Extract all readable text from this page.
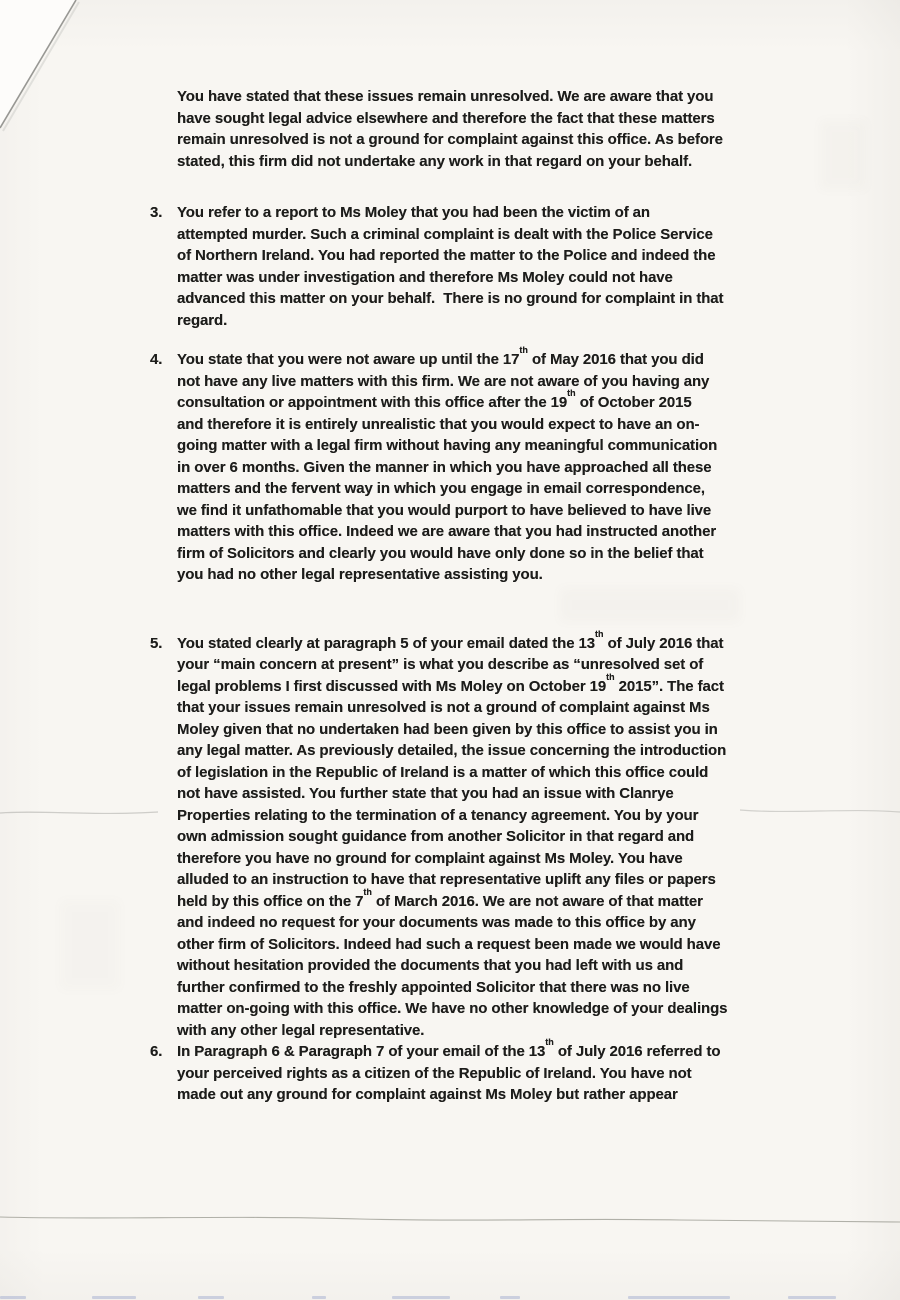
You have stated that these issues remain unresolved. We are aware that you
have sought legal advice elsewhere and therefore the fact that these matters
remain unresolved is not a ground for complaint against this office. As before
stated, this firm did not undertake any work in that regard on your behalf.
3. You refer to a report to Ms Moley that you had been the victim of an
attempted murder. Such a criminal complaint is dealt with the Police Service
of Northern Ireland. You had reported the matter to the Police and indeed the
matter was under investigation and therefore Ms Moley could not have
advanced this matter on your behalf.  There is no ground for complaint in that
regard.
4. You state that you were not aware up until the 17th of May 2016 that you did
not have any live matters with this firm. We are not aware of you having any
consultation or appointment with this office after the 19th of October 2015
and therefore it is entirely unrealistic that you would expect to have an on-
going matter with a legal firm without having any meaningful communication
in over 6 months. Given the manner in which you have approached all these
matters and the fervent way in which you engage in email correspondence,
we find it unfathomable that you would purport to have believed to have live
matters with this office. Indeed we are aware that you had instructed another
firm of Solicitors and clearly you would have only done so in the belief that
you had no other legal representative assisting you.
5. You stated clearly at paragraph 5 of your email dated the 13th of July 2016 that
your “main concern at present” is what you describe as “unresolved set of
legal problems I first discussed with Ms Moley on October 19th 2015”. The fact
that your issues remain unresolved is not a ground of complaint against Ms
Moley given that no undertaken had been given by this office to assist you in
any legal matter. As previously detailed, the issue concerning the introduction
of legislation in the Republic of Ireland is a matter of which this office could
not have assisted. You further state that you had an issue with Clanrye
Properties relating to the termination of a tenancy agreement. You by your
own admission sought guidance from another Solicitor in that regard and
therefore you have no ground for complaint against Ms Moley. You have
alluded to an instruction to have that representative uplift any files or papers
held by this office on the 7th of March 2016. We are not aware of that matter
and indeed no request for your documents was made to this office by any
other firm of Solicitors. Indeed had such a request been made we would have
without hesitation provided the documents that you had left with us and
further confirmed to the freshly appointed Solicitor that there was no live
matter on-going with this office. We have no other knowledge of your dealings
with any other legal representative.
6. In Paragraph 6 & Paragraph 7 of your email of the 13th of July 2016 referred to
your perceived rights as a citizen of the Republic of Ireland. You have not
made out any ground for complaint against Ms Moley but rather appear
